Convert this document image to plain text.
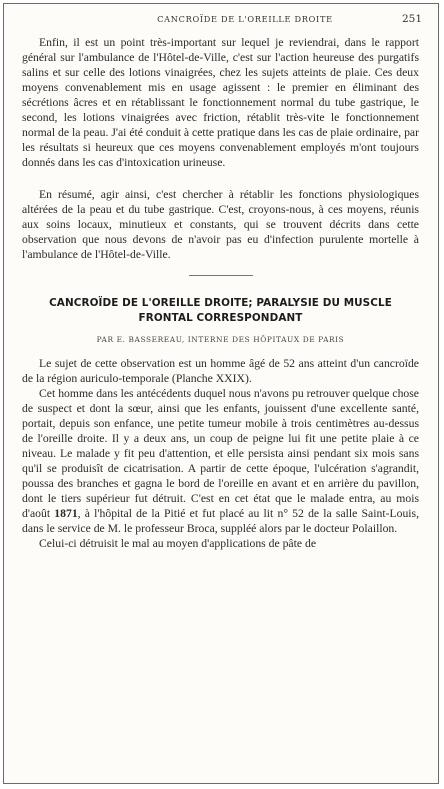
CANCROÏDE DE L'OREILLE DROITE	251

Enfin, il est un point très-important sur lequel je reviendrai, dans le rapport général sur l'ambulance de l'Hôtel-de-Ville, c'est sur l'action heureuse des purgatifs salins et sur celle des lotions vinaigrées, chez les sujets atteints de plaie. Ces deux moyens convenablement mis en usage agissent : le premier en éliminant des sécrétions âcres et en rétablissant le fonctionnement normal du tube gastrique, le second, les lotions vinaigrées avec friction, rétablit très-vite le fonctionnement normal de la peau. J'ai été conduit à cette pratique dans les cas de plaie ordinaire, par les résultats si heureux que ces moyens convenablement employés m'ont toujours donnés dans les cas d'intoxication urineuse.

En résumé, agir ainsi, c'est chercher à rétablir les fonctions physiologiques altérées de la peau et du tube gastrique. C'est, croyons-nous, à ces moyens, réunis aux soins locaux, minutieux et constants, qui se trouvent décrits dans cette observation que nous devons de n'avoir pas eu d'infection purulente mortelle à l'ambulance de l'Hôtel-de-Ville.

CANCROÏDE DE L'OREILLE DROITE; PARALYSIE DU MUSCLE
FRONTAL CORRESPONDANT
PAR E. BASSEREAU, INTERNE DES HÔPITAUX DE PARIS

Le sujet de cette observation est un homme âgé de 52 ans atteint d'un cancroïde de la région auriculo-temporale (Planche XXIX).

Cet homme dans les antécédents duquel nous n'avons pu retrouver quelque chose de suspect et dont la sœur, ainsi que les enfants, jouissent d'une excellente santé, portait, depuis son enfance, une petite tumeur mobile à trois centimètres au-dessus de l'oreille droite. Il y a deux ans, un coup de peigne lui fit une petite plaie à ce niveau. Le malade y fit peu d'attention, et elle persista ainsi pendant six mois sans qu'il se produisît de cicatrisation. A partir de cette époque, l'ulcération s'agrandit, poussa des branches et gagna le bord de l'oreille en avant et en arrière du pavillon, dont le tiers supérieur fut détruit. C'est en cet état que le malade entra, au mois d'août 1871, à l'hôpital de la Pitié et fut placé au lit n° 52 de la salle Saint-Louis, dans le service de M. le professeur Broca, suppléé alors par le docteur Polaillon.

Celui-ci détruisit le mal au moyen d'applications de pâte de
